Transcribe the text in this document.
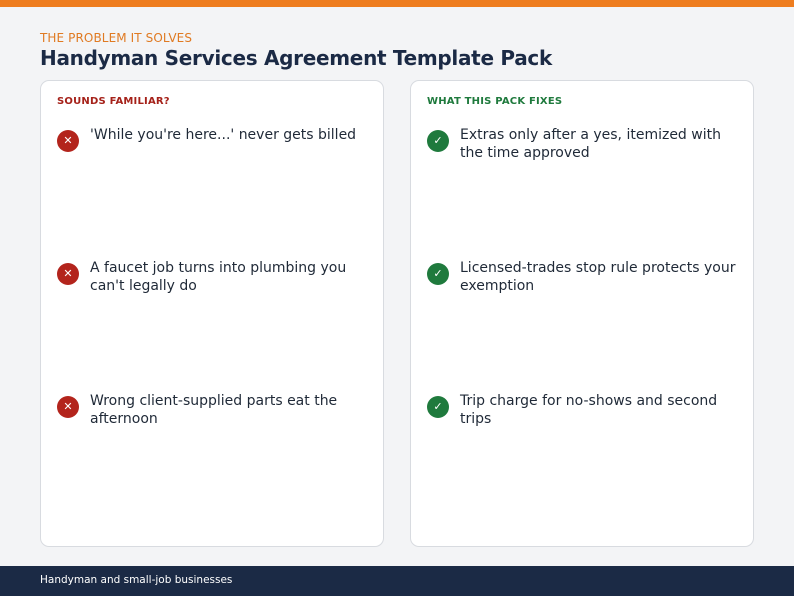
THE PROBLEM IT SOLVES
Handyman Services Agreement Template Pack
SOUNDS FAMILIAR?
✕	'While you're here...' never gets billed
✕	A faucet job turns into plumbing you can't legally do
✕	Wrong client-supplied parts eat the afternoon
WHAT THIS PACK FIXES
✓	Extras only after a yes, itemized with the time approved
✓	Licensed-trades stop rule protects your exemption
✓	Trip charge for no-shows and second trips
Handyman and small-job businesses
